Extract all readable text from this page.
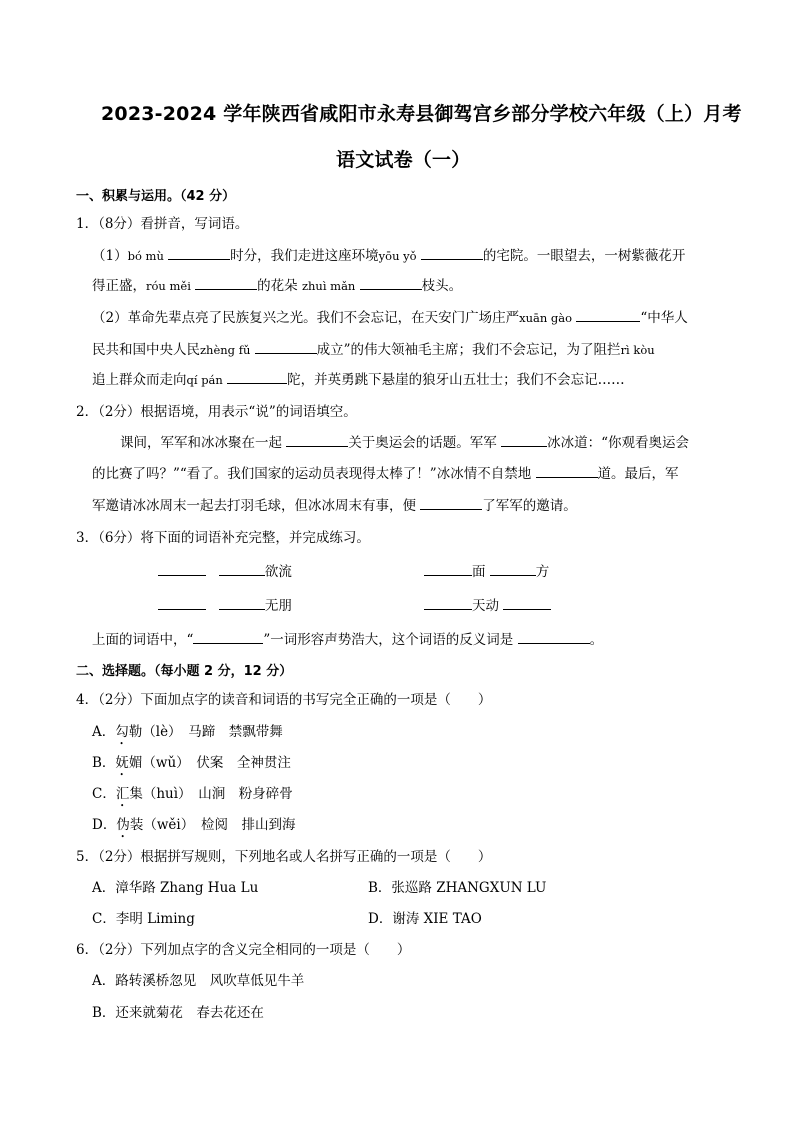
2023-2024 学年陕西省咸阳市永寿县御驾宫乡部分学校六年级（上）月考
语文试卷（一）
一、积累与运用。（42 分）
1．（8分）看拼音，写词语。
（1）bó mù	时分，我们走进这座环境yōu yǒ	的宅院。一眼望去，一树紫薇花开
得正盛，róu měi	的花朵 zhuì mǎn	枝头。
（2）革命先辈点亮了民族复兴之光。我们不会忘记，在天安门广场庄严xuān gào	“中华人
民共和国中央人民zhèng fǔ	成立”的伟大领袖毛主席；我们不会忘记，为了阻拦rì kòu
追上群众而走向qí pán	陀，并英勇跳下悬崖的狼牙山五壮士；我们不会忘记……
2．（2分）根据语境，用表示“说”的词语填空。
课间，军军和冰冰聚在一起	关于奥运会的话题。军军	冰冰道：“你观看奥运会
的比赛了吗？”“看了。我们国家的运动员表现得太棒了！”冰冰情不自禁地	道。最后，军
军邀请冰冰周末一起去打羽毛球，但冰冰周末有事，便	了军军的邀请。
3．（6分）将下面的词语补充完整，并完成练习。
欲流	面	方
无朋	天动
上面的词语中，“	”一词形容声势浩大，这个词语的反义词是	。
二、选择题。（每小题 2 分，12 分）
4．（2分）下面加点字的读音和词语的书写完全正确的一项是（　　）
A．勾勒（lè）　马蹄　禁飘带舞
B．妩媚（wǔ）　伏案　全神贯注
C．汇集（huì）　山涧　粉身碎骨
D．伪装（wěi）　检阅　排山到海
5．（2分）根据拼写规则，下列地名或人名拼写正确的一项是（　　）
A．漳华路 Zhang Hua Lu	B．张巡路 ZHANGXUN LU
C．李明 Liming	D．谢涛 XIE TAO
6．（2分）下列加点字的含义完全相同的一项是（　　）
A．路转溪桥忽见　风吹草低见牛羊
B．还来就菊花　春去花还在
